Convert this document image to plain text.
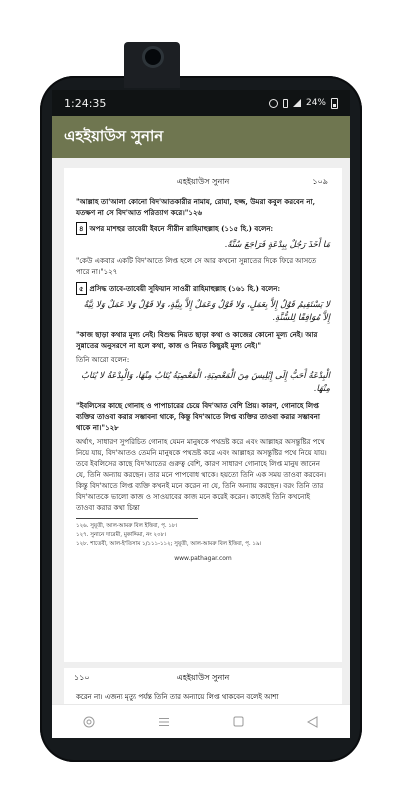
1:24:35	24%
এহইয়াউস সুনান
এহইয়াউস সুনান	১০৯

"আল্লাহ তা'আলা কোনো বিদ'আতকারীর নামায, রোযা, হজ্জ, উমরা কবুল করবেন না, যতক্ষণ না সে বিদ'আত পরিত্যাগ করে।"১২৬

৪ অপর মাশহুর তাবেয়ী ইবনে সীরীন রাহিমাহুল্লাহ (১১৫ হি.) বলেন:

مَا أَخَذَ رَجُلٌ بِبِدْعَةٍ فَرَاجَعَ سُنَّةً.

"কেউ একবার একটি বিদ'আতে লিপ্ত হলে সে আর কখনো সুন্নাতের দিকে ফিরে আসতে পারে না।"১২৭

৫ প্রসিদ্ধ তাবে-তাবেয়ী সুফিয়ান সাওরী রাহিমাহুল্লাহ (১৬১ হি.) বলেন:

لا يَسْتَقِيمُ قَوْلٌ إِلاَّ بِعَمَلٍ، وَلا قَوْلٌ وَعَمَلٌ إِلاَّ بِنِيَّةٍ، وَلا قَوْلٌ وَلا عَمَلٌ وَلا نِيَّةٌ إِلاَّ مُوَافِقًا لِلسُّنَّةِ.

"কাজ ছাড়া কথার মূল্য নেই। বিশুদ্ধ নিয়ত ছাড়া কথা ও কাজের কোনো মূল্য নেই। আর সুন্নাতের অনুসরণে না হলে কথা, কাজ ও নিয়ত কিছুরই মূল্য নেই।"

তিনি আরো বলেন:

الْبِدْعَةُ أَحَبُّ إِلَى إِبْلِيسَ مِنَ الْمَعْصِيَةِ، الْمَعْصِيَةُ يُتَابُ مِنْهَا، وَالْبِدْعَةُ لا يُتَابُ مِنْهَا.

"ইবলিসের কাছে গোনাহ ও পাপাচারের চেয়ে বিদ'আত বেশি প্রিয়। কারণ, গোনাহে লিপ্ত ব্যক্তির তাওবা করার সম্ভাবনা থাকে, কিন্তু বিদ'আতে লিপ্ত ব্যক্তির তাওবা করার সম্ভাবনা থাকে না।"১২৮

অর্থাৎ, সাধারণ সুপরিচিত গোনাহ যেমন মানুষকে পথভ্রষ্ট করে এবং আল্লাহর অসন্তুষ্টির পথে নিয়ে যায়, বিদ'আতও তেমনি মানুষকে পথভ্রষ্ট করে এবং আল্লাহর অসন্তুষ্টির পথে নিয়ে যায়। তবে ইবলিসের কাছে বিদ'আতের গুরুত্ব বেশি, কারণ সাধারণ গোনাহে লিপ্ত মানুষ জানেন যে, তিনি অন্যায় করছেন। তার মনে পাপবোধ থাকে। হয়তো তিনি এক সময় তাওবা করবেন। কিন্তু বিদ'আতে লিপ্ত ব্যক্তি কখনই মনে করেন না যে, তিনি অন্যায় করছেন। বরং তিনি তার বিদ'আতকে ভালো কাজ ও সাওয়াবের কাজ মনে করেই করেন। কাজেই তিনি কখনোই তাওবা করার কথা চিন্তা

১২৬. সুয়ূতী, আল-আমরু বিল ইত্তিবা, পৃ. ১৮।

১২৭. সুনানে দারেমী, মুকাদ্দিমা, নং ২০৮।

১২৮. শাতেবী, আল-ই'তিসাম ১/১১১-১১২; সুয়ূতী, আল-আমরু বিল ইত্তিবা, পৃ. ১৯।

www.pathagar.com

১১০	এহইয়াউস সুনান

করেন না। এজন্য মৃত্যু পর্যন্ত তিনি তার অন্যায়ে লিপ্ত থাকবেন বলেই আশা
